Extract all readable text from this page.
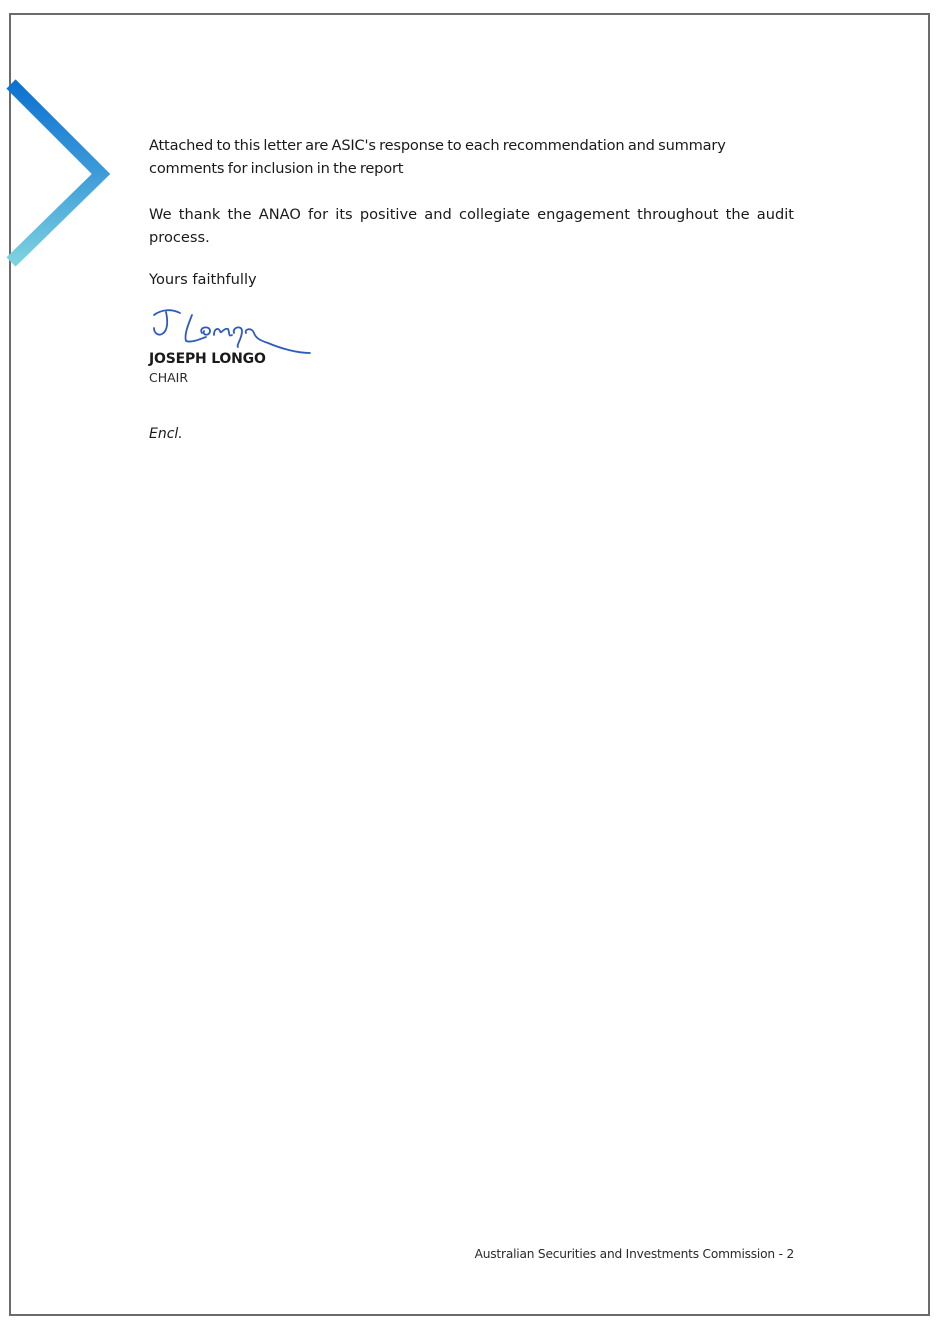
Attached to this letter are ASIC's response to each recommendation and summary comments for inclusion in the report

We thank the ANAO for its positive and collegiate engagement throughout the audit process.

Yours faithfully
JOSEPH LONGO
CHAIR
Encl.
Australian Securities and Investments Commission - 2
